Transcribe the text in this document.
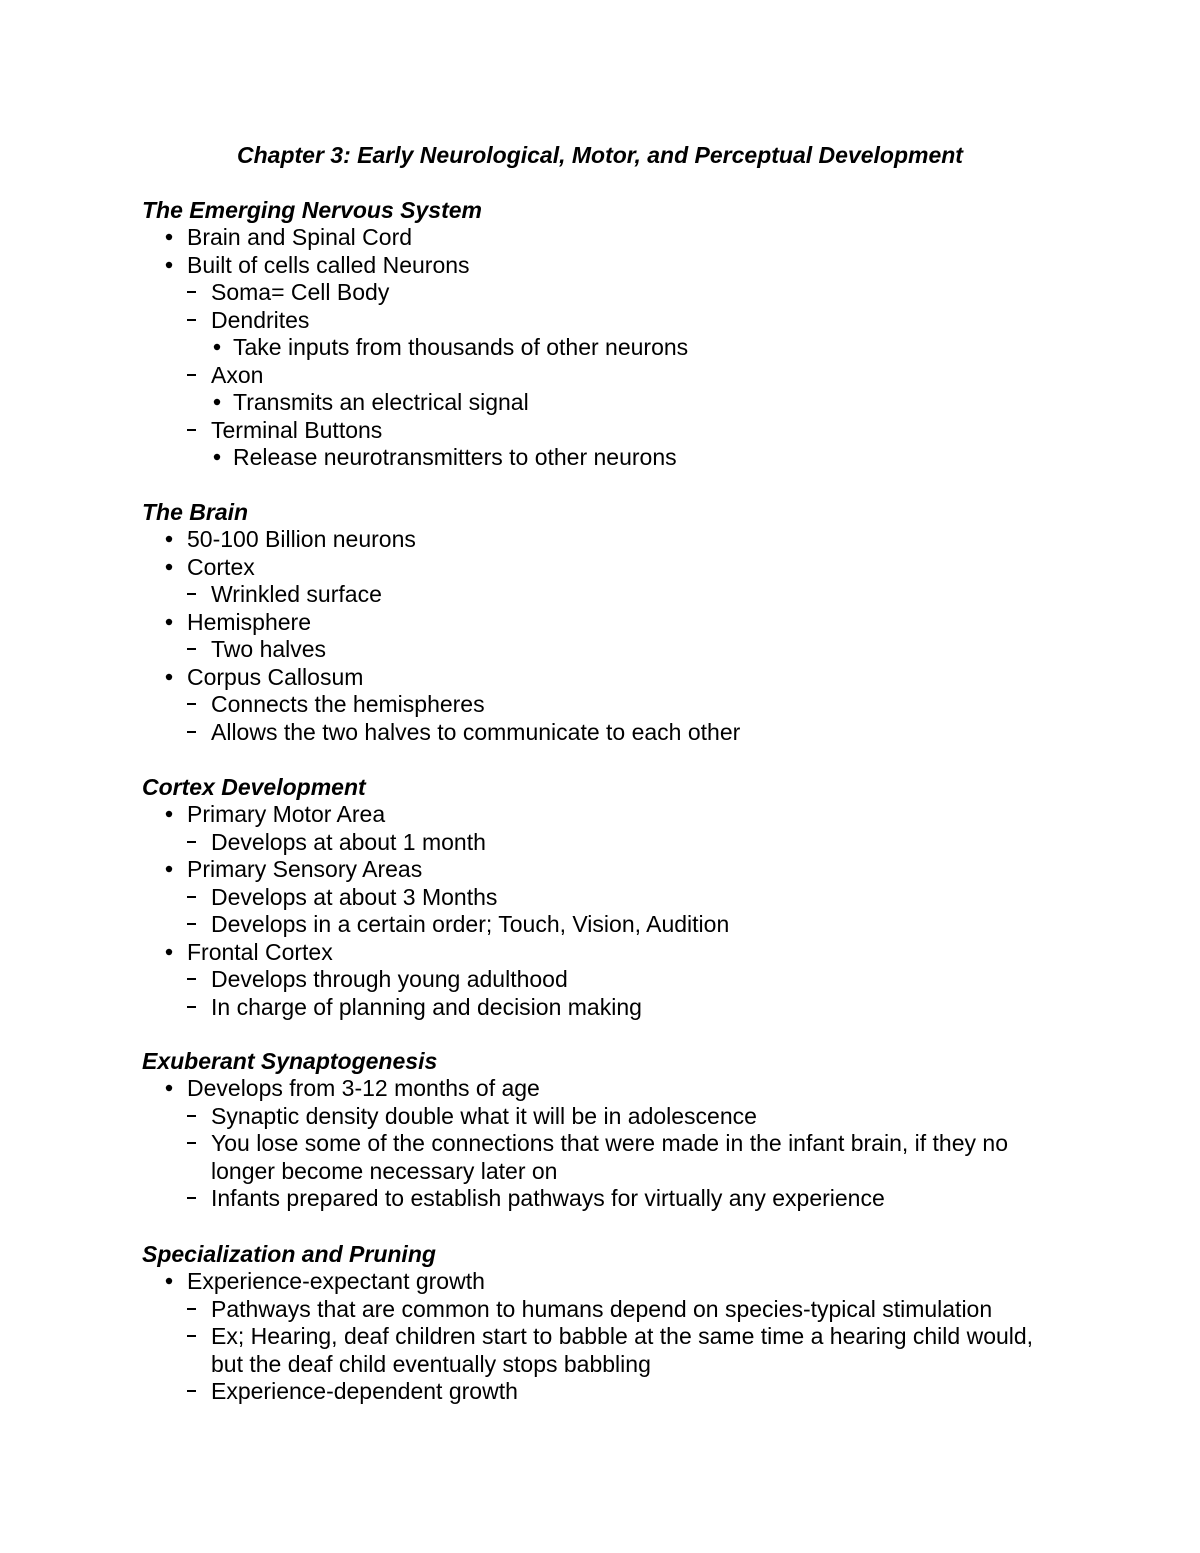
Chapter 3: Early Neurological, Motor, and Perceptual Development
The Emerging Nervous System
Brain and Spinal Cord
Built of cells called Neurons
Soma= Cell Body
Dendrites
Take inputs from thousands of other neurons
Axon
Transmits an electrical signal
Terminal Buttons
Release neurotransmitters to other neurons
The Brain
50-100 Billion neurons
Cortex
Wrinkled surface
Hemisphere
Two halves
Corpus Callosum
Connects the hemispheres
Allows the two halves to communicate to each other
Cortex Development
Primary Motor Area
Develops at about 1 month
Primary Sensory Areas
Develops at about 3 Months
Develops in a certain order; Touch, Vision, Audition
Frontal Cortex
Develops through young adulthood
In charge of planning and decision making
Exuberant Synaptogenesis
Develops from 3-12 months of age
Synaptic density double what it will be in adolescence
You lose some of the connections that were made in the infant brain, if they no
longer become necessary later on
Infants prepared to establish pathways for virtually any experience
Specialization and Pruning
Experience-expectant growth
Pathways that are common to humans depend on species-typical stimulation
Ex; Hearing, deaf children start to babble at the same time a hearing child would,
but the deaf child eventually stops babbling
Experience-dependent growth
